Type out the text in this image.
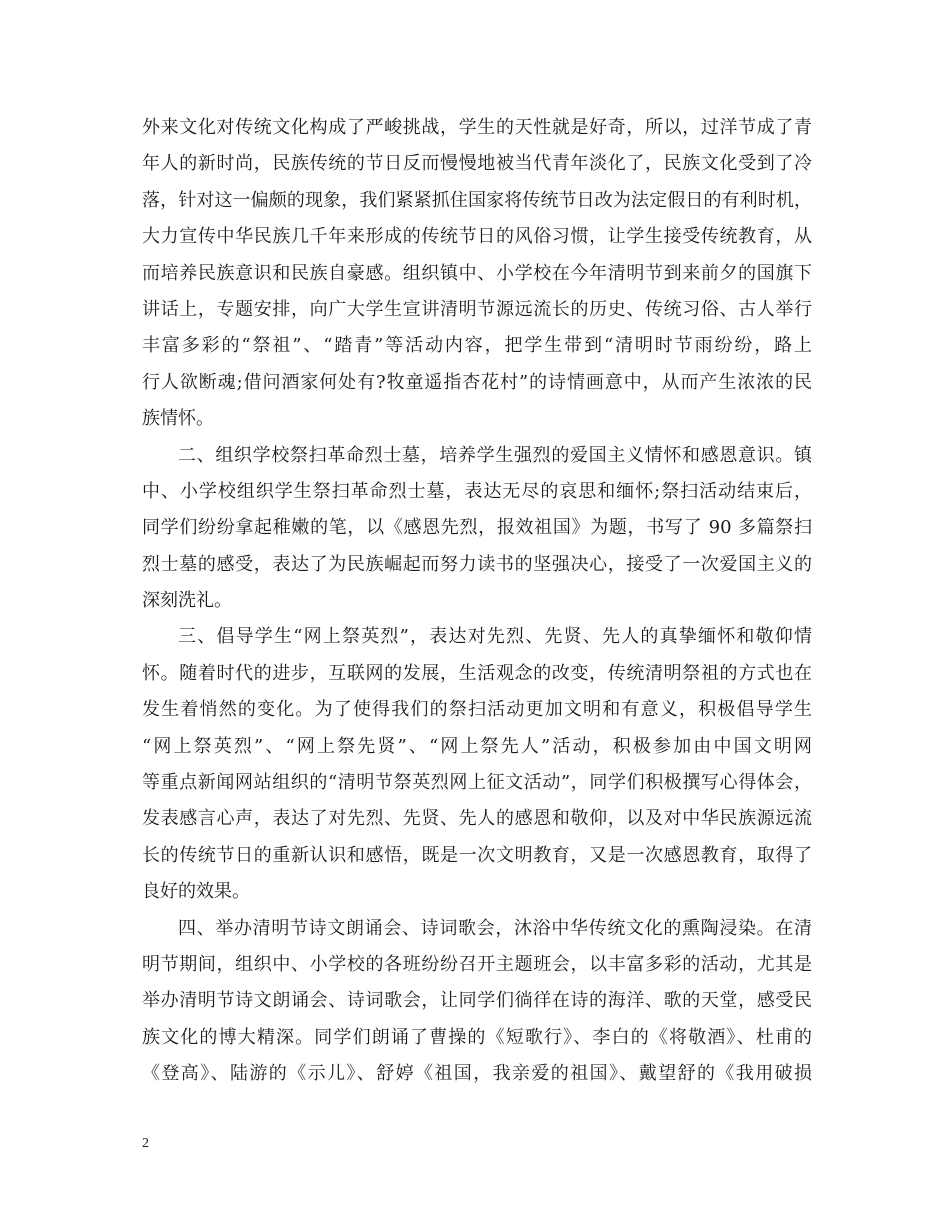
外来文化对传统文化构成了严峻挑战，学生的天性就是好奇，所以，过洋节成了青
年人的新时尚，民族传统的节日反而慢慢地被当代青年淡化了，民族文化受到了冷
落，针对这一偏颇的现象，我们紧紧抓住国家将传统节日改为法定假日的有利时机，
大力宣传中华民族几千年来形成的传统节日的风俗习惯，让学生接受传统教育，从
而培养民族意识和民族自豪感。组织镇中、小学校在今年清明节到来前夕的国旗下
讲话上，专题安排，向广大学生宣讲清明节源远流长的历史、传统习俗、古人举行
丰富多彩的“祭祖”、“踏青”等活动内容，把学生带到“清明时节雨纷纷，路上
行人欲断魂;借问酒家何处有?牧童遥指杏花村”的诗情画意中，从而产生浓浓的民
族情怀。
二、组织学校祭扫革命烈士墓，培养学生强烈的爱国主义情怀和感恩意识。镇
中、小学校组织学生祭扫革命烈士墓，表达无尽的哀思和缅怀;祭扫活动结束后，
同学们纷纷拿起稚嫩的笔，以《感恩先烈，报效祖国》为题，书写了 90 多篇祭扫
烈士墓的感受，表达了为民族崛起而努力读书的坚强决心，接受了一次爱国主义的
深刻洗礼。
三、倡导学生“网上祭英烈”，表达对先烈、先贤、先人的真挚缅怀和敬仰情
怀。随着时代的进步，互联网的发展，生活观念的改变，传统清明祭祖的方式也在
发生着悄然的变化。为了使得我们的祭扫活动更加文明和有意义，积极倡导学生
“网上祭英烈”、“网上祭先贤”、“网上祭先人”活动，积极参加由中国文明网
等重点新闻网站组织的“清明节祭英烈网上征文活动”，同学们积极撰写心得体会，
发表感言心声，表达了对先烈、先贤、先人的感恩和敬仰，以及对中华民族源远流
长的传统节日的重新认识和感悟，既是一次文明教育，又是一次感恩教育，取得了
良好的效果。
四、举办清明节诗文朗诵会、诗词歌会，沐浴中华传统文化的熏陶浸染。在清
明节期间，组织中、小学校的各班纷纷召开主题班会，以丰富多彩的活动，尤其是
举办清明节诗文朗诵会、诗词歌会，让同学们徜徉在诗的海洋、歌的天堂，感受民
族文化的博大精深。同学们朗诵了曹操的《短歌行》、李白的《将敬酒》、杜甫的
《登高》、陆游的《示儿》、舒婷《祖国，我亲爱的祖国》、戴望舒的《我用破损
2
